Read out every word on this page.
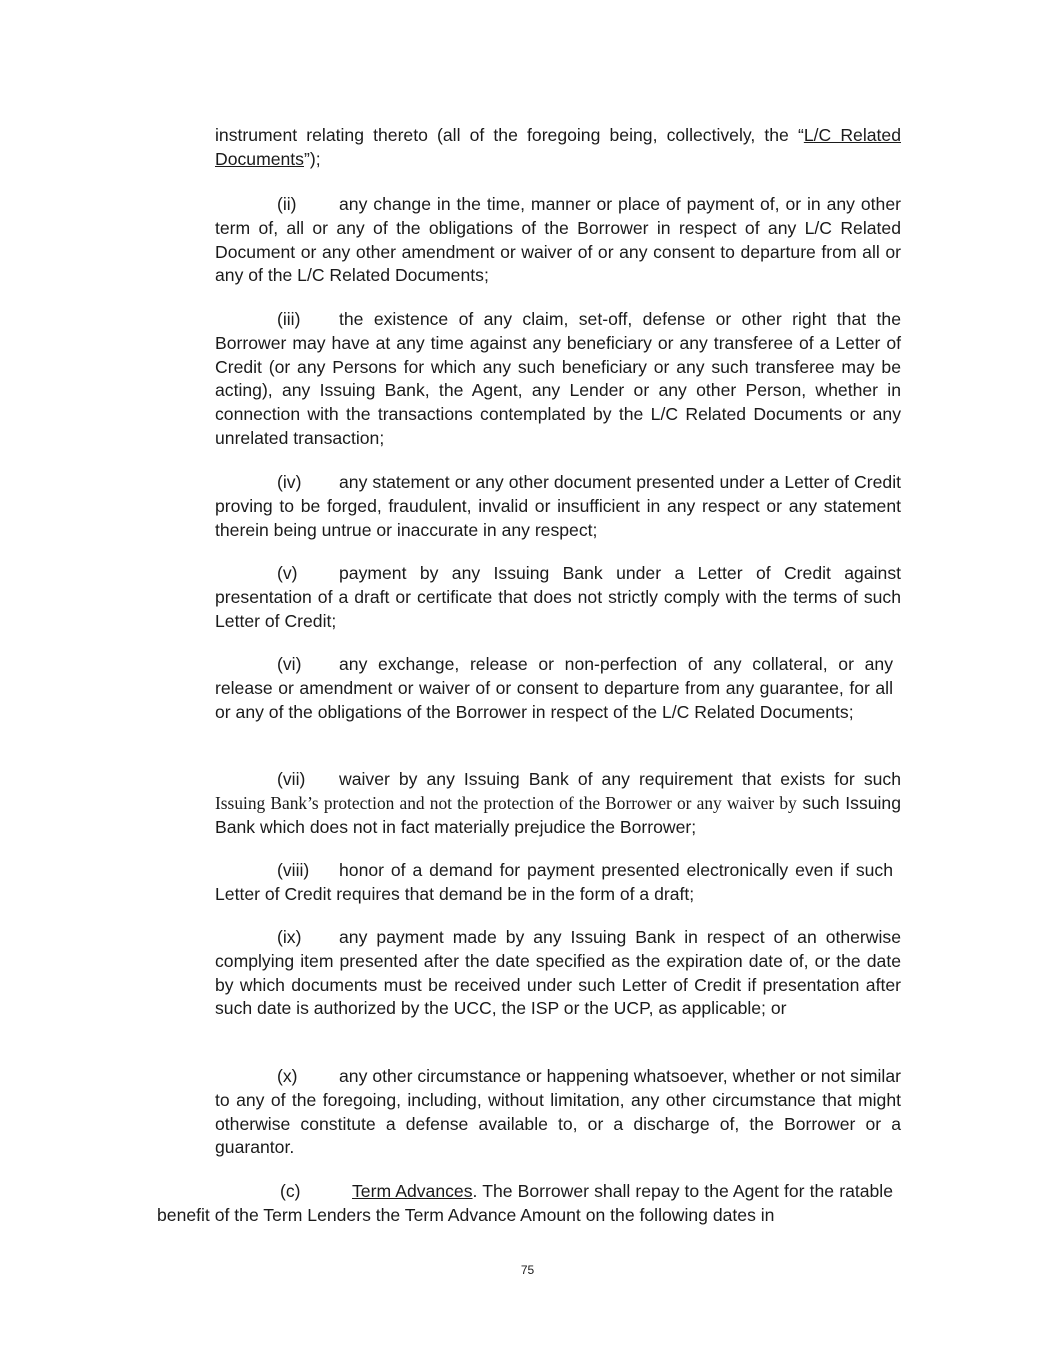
instrument relating thereto (all of the foregoing being, collectively, the “L/C Related Documents”);

(ii) any change in the time, manner or place of payment of, or in any other term of, all or any of the obligations of the Borrower in respect of any L/C Related Document or any other amendment or waiver of or any consent to departure from all or any of the L/C Related Documents;

(iii) the existence of any claim, set-off, defense or other right that the Borrower may have at any time against any beneficiary or any transferee of a Letter of Credit (or any Persons for which any such beneficiary or any such transferee may be acting), any Issuing Bank, the Agent, any Lender or any other Person, whether in connection with the transactions contemplated by the L/C Related Documents or any unrelated transaction;

(iv) any statement or any other document presented under a Letter of Credit proving to be forged, fraudulent, invalid or insufficient in any respect or any statement therein being untrue or inaccurate in any respect;

(v) payment by any Issuing Bank under a Letter of Credit against presentation of a draft or certificate that does not strictly comply with the terms of such Letter of Credit;

(vi) any exchange, release or non-perfection of any collateral, or any release or amendment or waiver of or consent to departure from any guarantee, for all or any of the obligations of the Borrower in respect of the L/C Related Documents;

(vii) waiver by any Issuing Bank of any requirement that exists for such Issuing Bank’s protection and not the protection of the Borrower or any waiver by such Issuing Bank which does not in fact materially prejudice the Borrower;

(viii) honor of a demand for payment presented electronically even if such Letter of Credit requires that demand be in the form of a draft;

(ix) any payment made by any Issuing Bank in respect of an otherwise complying item presented after the date specified as the expiration date of, or the date by which documents must be received under such Letter of Credit if presentation after such date is authorized by the UCC, the ISP or the UCP, as applicable; or

(x) any other circumstance or happening whatsoever, whether or not similar to any of the foregoing, including, without limitation, any other circumstance that might otherwise constitute a defense available to, or a discharge of, the Borrower or a guarantor.

(c)	Term Advances. The Borrower shall repay to the Agent for the ratable benefit of the Term Lenders the Term Advance Amount on the following dates in

75
